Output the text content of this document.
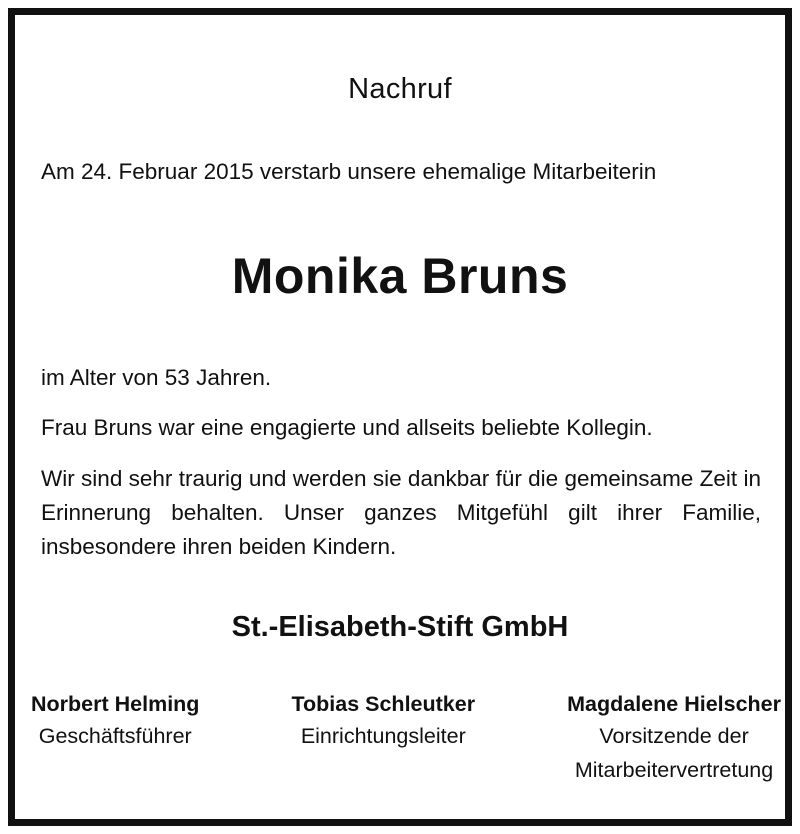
Nachruf
Am 24. Februar 2015 verstarb unsere ehemalige Mitarbeiterin
Monika Bruns
im Alter von 53 Jahren.
Frau Bruns war eine engagierte und allseits beliebte Kollegin.
Wir sind sehr traurig und werden sie dankbar für die gemeinsame Zeit in Erinnerung behalten. Unser ganzes Mitgefühl gilt ihrer Familie, insbesondere ihren beiden Kindern.
St.-Elisabeth-Stift GmbH
Norbert Helming
Geschäftsführer
Tobias Schleutker
Einrichtungsleiter
Magdalene Hielscher
Vorsitzende der
Mitarbeitervertretung
